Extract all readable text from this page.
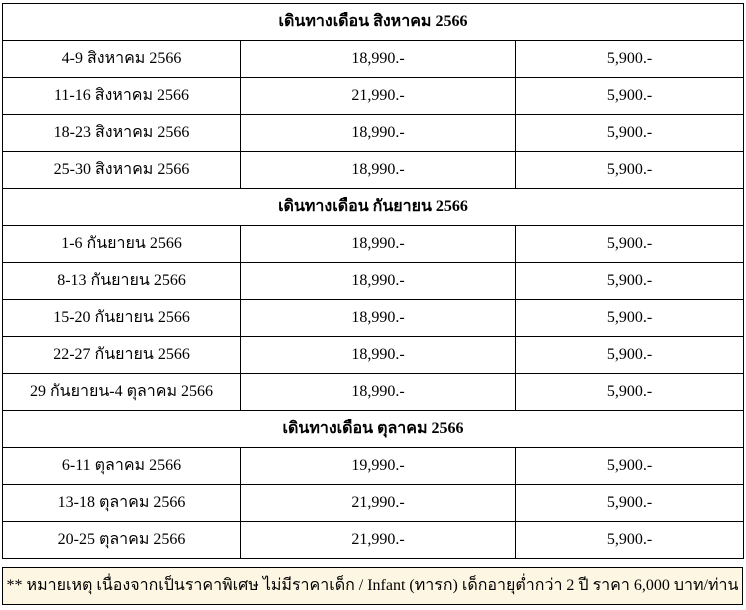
เดินทางเดือน สิงหาคม 2566		
4-9 สิงหาคม 2566	18,990.-	5,900.-
11-16 สิงหาคม 2566	21,990.-	5,900.-
18-23 สิงหาคม 2566	18,990.-	5,900.-
25-30 สิงหาคม 2566	18,990.-	5,900.-
เดินทางเดือน กันยายน 2566		
1-6 กันยายน 2566	18,990.-	5,900.-
8-13 กันยายน 2566	18,990.-	5,900.-
15-20 กันยายน 2566	18,990.-	5,900.-
22-27 กันยายน 2566	18,990.-	5,900.-
29 กันยายน-4 ตุลาคม 2566	18,990.-	5,900.-
เดินทางเดือน ตุลาคม 2566		
6-11 ตุลาคม 2566	19,990.-	5,900.-
13-18 ตุลาคม 2566	21,990.-	5,900.-
20-25 ตุลาคม 2566	21,990.-	5,900.-
** หมายเหตุ เนื่องจากเป็นราคาพิเศษ ไม่มีราคาเด็ก / Infant (ทารก) เด็กอายุต่ำกว่า 2 ปี ราคา 6,000 บาท/ท่าน
